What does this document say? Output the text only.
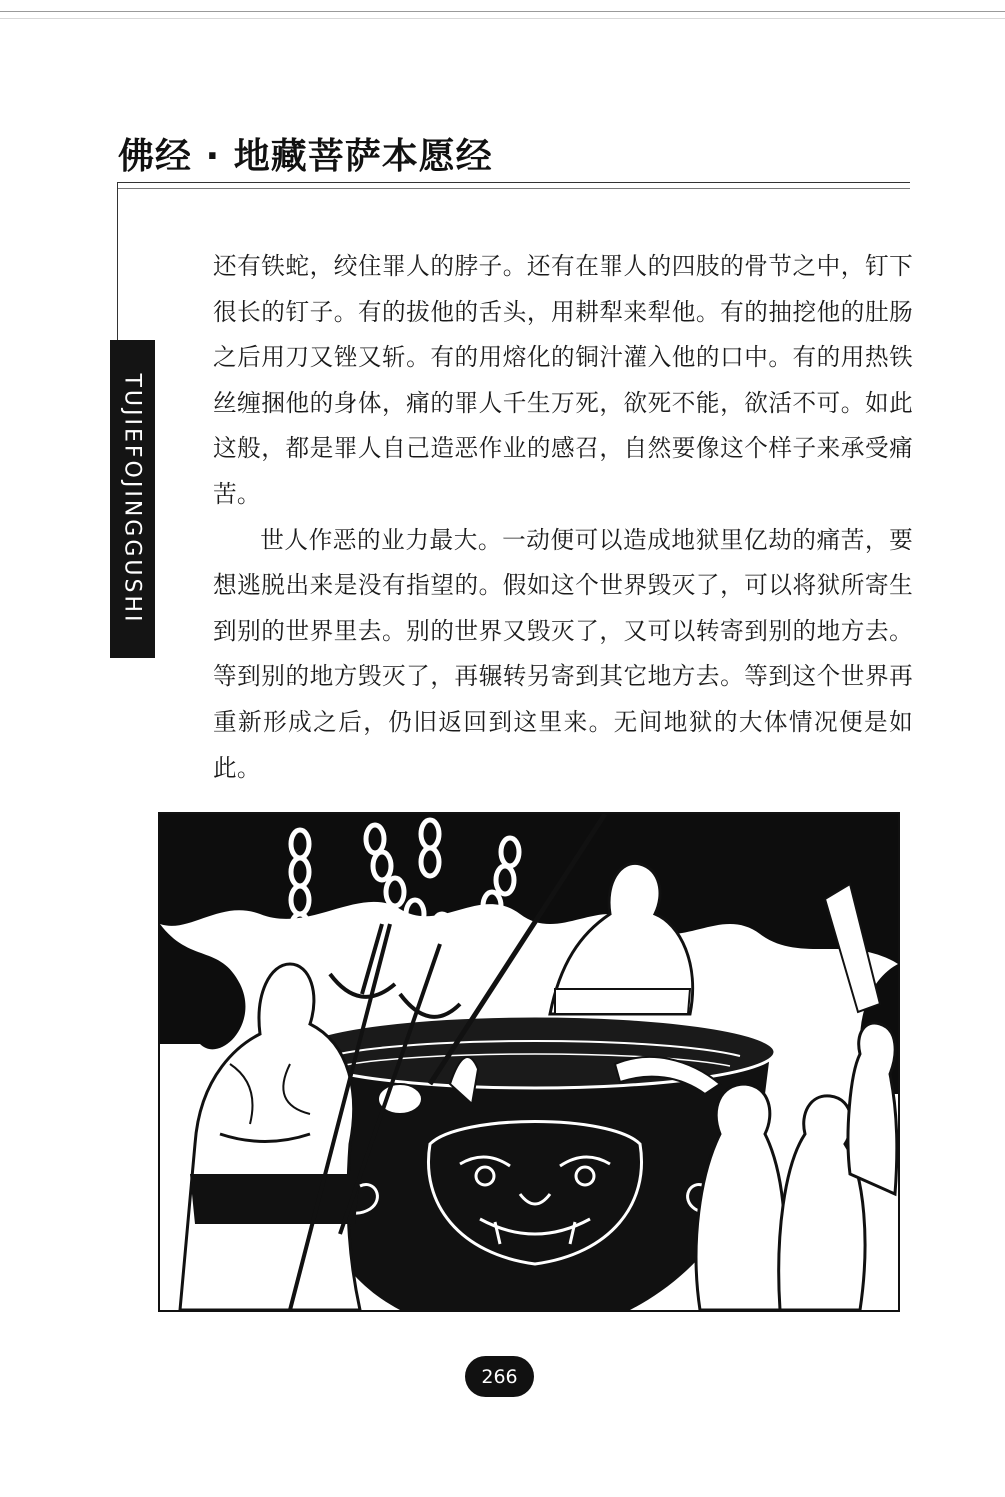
佛经 · 地藏菩萨本愿经
TUJIEFOJINGGUSHI

还有铁蛇，绞住罪人的脖子。还有在罪人的四肢的骨节之中，钉下很长的钉子。有的拔他的舌头，用耕犁来犁他。有的抽挖他的肚肠之后用刀又锉又斩。有的用熔化的铜汁灌入他的口中。有的用热铁丝缠捆他的身体，痛的罪人千生万死，欲死不能，欲活不可。如此这般，都是罪人自己造恶作业的感召，自然要像这个样子来承受痛苦。

世人作恶的业力最大。一动便可以造成地狱里亿劫的痛苦，要想逃脱出来是没有指望的。假如这个世界毁灭了，可以将狱所寄生到别的世界里去。别的世界又毁灭了，又可以转寄到别的地方去。等到别的地方毁灭了，再辗转另寄到其它地方去。等到这个世界再重新形成之后，仍旧返回到这里来。无间地狱的大体情况便是如此。

266
